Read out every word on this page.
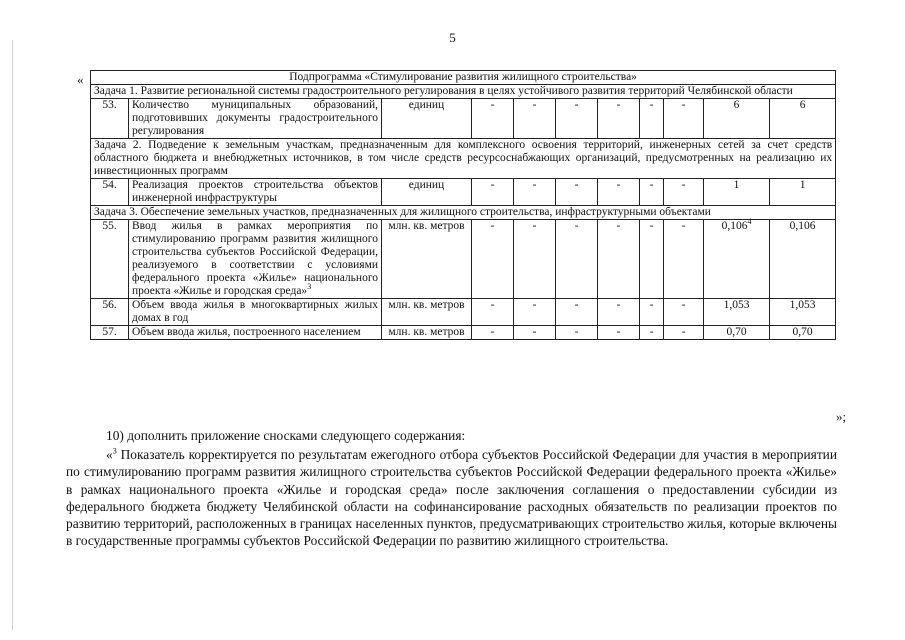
5
«	Подпрограмма «Стимулирование развития жилищного строительства»										
Задача 1. Развитие региональной системы градостроительного регулирования в целях устойчивого развития территорий Челябинской области										
53.	Количество муниципальных образований, подготовивших документы градостроительного регулирования	единиц	-	-	-	-	-	-	6	6
Задача 2. Подведение к земельным участкам, предназначенным для комплексного освоения территорий, инженерных сетей за счет средств областного бюджета и внебюджетных источников, в том числе средств ресурсоснабжающих организаций, предусмотренных на реализацию их инвестиционных программ										
54.	Реализация проектов строительства объектов инженерной инфраструктуры	единиц	-	-	-	-	-	-	1	1
Задача 3. Обеспечение земельных участков, предназначенных для жилищного строительства, инфраструктурными объектами										
55.	Ввод жилья в рамках мероприятия по стимулированию программ развития жилищного строительства субъектов Российской Федерации, реализуемого в соответствии с условиями федерального проекта «Жилье» национального проекта «Жилье и городская среда»$^3$	млн. кв. метров	-	-	-	-	-	-	0,106$^4$	0,106
56.	Объем ввода жилья в многоквартирных жилых домах в год	млн. кв. метров	-	-	-	-	-	-	1,053	1,053
57.	Объем ввода жилья, построенного населением	млн. кв. метров	-	-	-	-	-	-	0,70	0,70
»;
10) дополнить приложение сносками следующего содержания:
«$^3$ Показатель корректируется по результатам ежегодного отбора субъектов Российской Федерации для участия в мероприятии по стимулированию программ развития жилищного строительства субъектов Российской Федерации федерального проекта «Жилье» в рамках национального проекта «Жилье и городская среда» после заключения соглашения о предоставлении субсидии из федерального бюджета бюджету Челябинской области на софинансирование расходных обязательств по реализации проектов по развитию территорий, расположенных в границах населенных пунктов, предусматривающих строительство жилья, которые включены в государственные программы субъектов Российской Федерации по развитию жилищного строительства.
